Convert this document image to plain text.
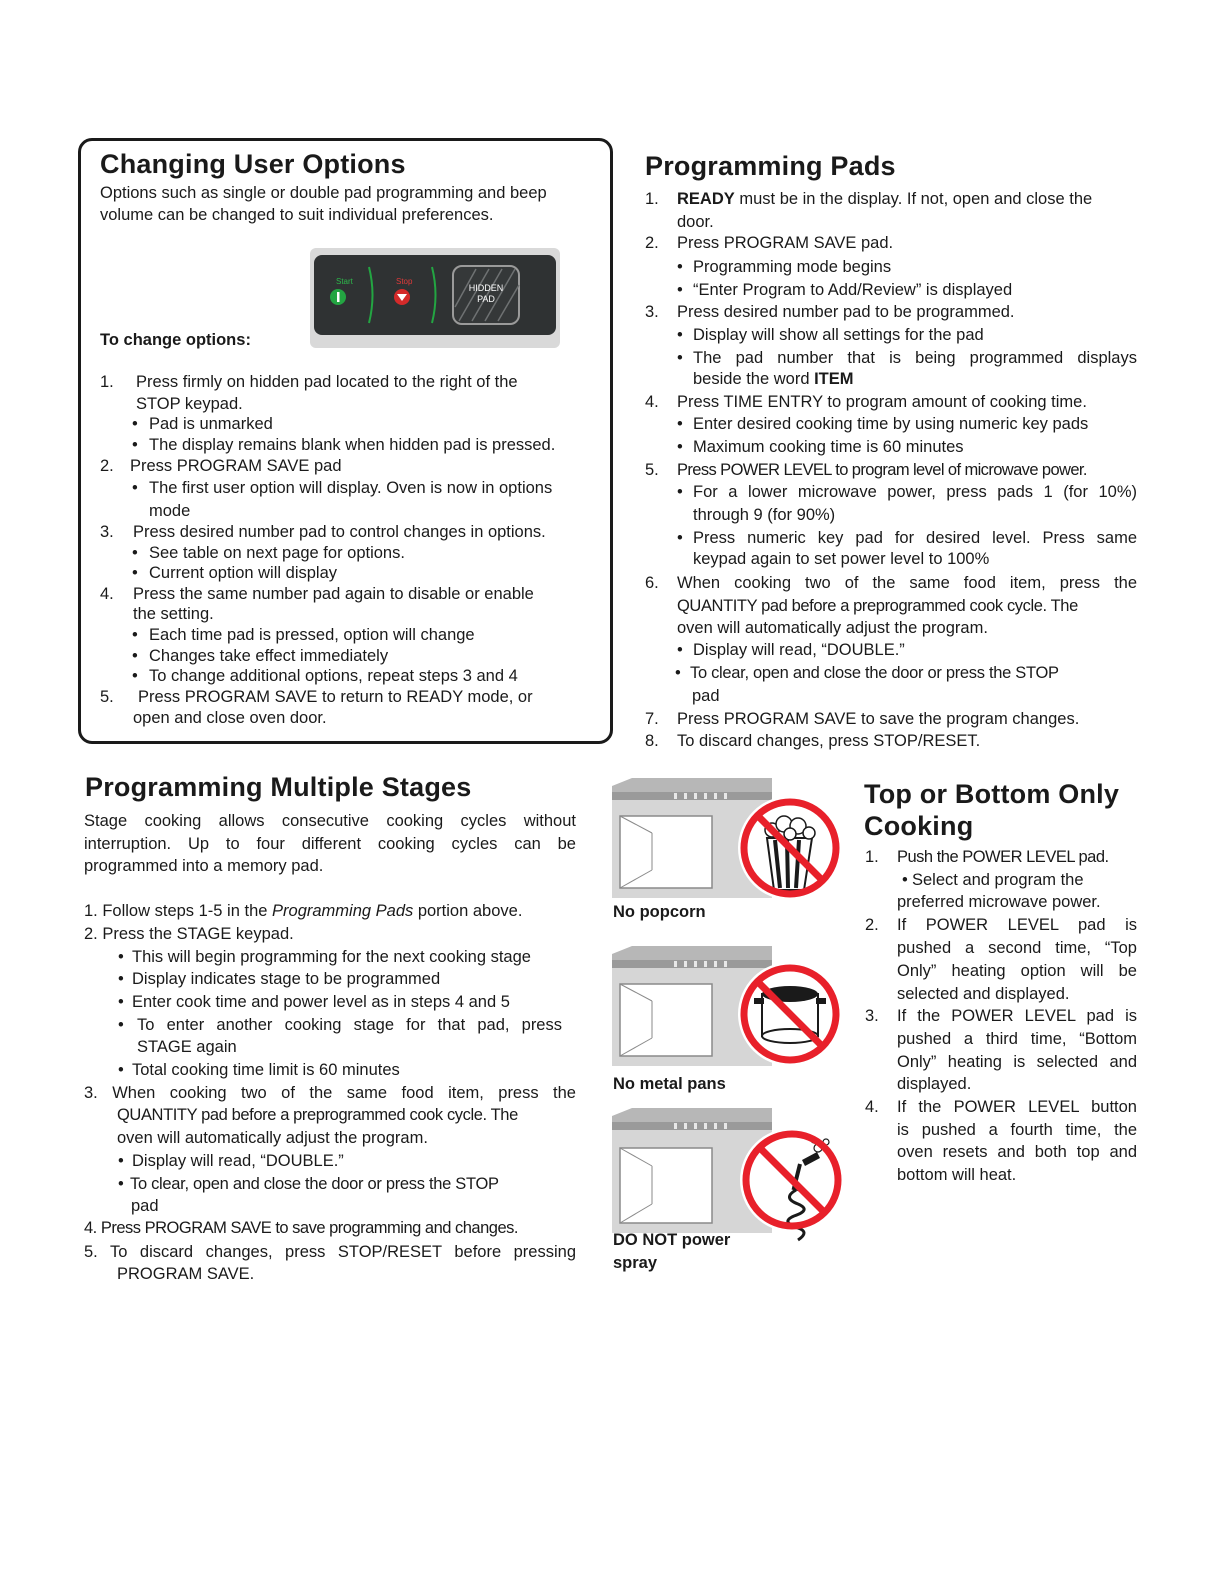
Changing User Options
Options such as single or double pad programming and beep volume can be changed to suit individual preferences.
Start	Stop
HIDDEN
PAD
To change options:
1. Press firmly on hidden pad located to the right of the
STOP keypad.
• Pad is unmarked
• The display remains blank when hidden pad is pressed.
2. Press PROGRAM SAVE pad
• The first user option will display. Oven is now in options
mode
3. Press desired number pad to control changes in options.
• See table on next page for options.
• Current option will display
4. Press the same number pad again to disable or enable
the setting.
• Each time pad is pressed, option will change
• Changes take effect immediately
• To change additional options, repeat steps 3 and 4
5. Press PROGRAM SAVE to return to READY mode, or
open and close oven door.
Programming Pads
1. READY must be in the display. If not, open and close the
door.
2. Press PROGRAM SAVE pad.
• Programming mode begins
• “Enter Program to Add/Review” is displayed
3. Press desired number pad to be programmed.
• Display will show all settings for the pad
• The pad number that is being programmed displays
beside the word ITEM
4. Press TIME ENTRY to program amount of cooking time.
• Enter desired cooking time by using numeric key pads
• Maximum cooking time is 60 minutes
5. Press POWER LEVEL to program level of microwave power.
• For a lower microwave power, press pads 1 (for 10%)
through 9 (for 90%)
• Press numeric key pad for desired level. Press same
keypad again to set power level to 100%
6. When cooking two of the same food item, press the
QUANTITY pad before a preprogrammed cook cycle. The
oven will automatically adjust the program.
• Display will read, “DOUBLE.”
• To clear, open and close the door or press the STOP
pad
7. Press PROGRAM SAVE to save the program changes.
8. To discard changes, press STOP/RESET.
Programming Multiple Stages
Stage cooking allows consecutive cooking cycles without
interruption. Up to four different cooking cycles can be
programmed into a memory pad.
1. Follow steps 1-5 in the Programming Pads portion above.
2. Press the STAGE keypad.
• This will begin programming for the next cooking stage
• Display indicates stage to be programmed
• Enter cook time and power level as in steps 4 and 5
• To enter another cooking stage for that pad, press
STAGE again
• Total cooking time limit is 60 minutes
3. When cooking two of the same food item, press the
QUANTITY pad before a preprogrammed cook cycle. The
oven will automatically adjust the program.
• Display will read, “DOUBLE.”
• To clear, open and close the door or press the STOP
pad
4. Press PROGRAM SAVE to save programming and changes.
5. To discard changes, press STOP/RESET before pressing
PROGRAM SAVE.
No popcorn
No metal pans
DO NOT power
spray
Top or Bottom Only
Cooking
1. Push the POWER LEVEL pad.
• Select and program the
preferred microwave power.
2. If POWER LEVEL pad is
pushed a second time, “Top
Only” heating option will be
selected and displayed.
3. If the POWER LEVEL pad is
pushed a third time, “Bottom
Only” heating is selected and
displayed.
4. If the POWER LEVEL button
is pushed a fourth time, the
oven resets and both top and
bottom will heat.
